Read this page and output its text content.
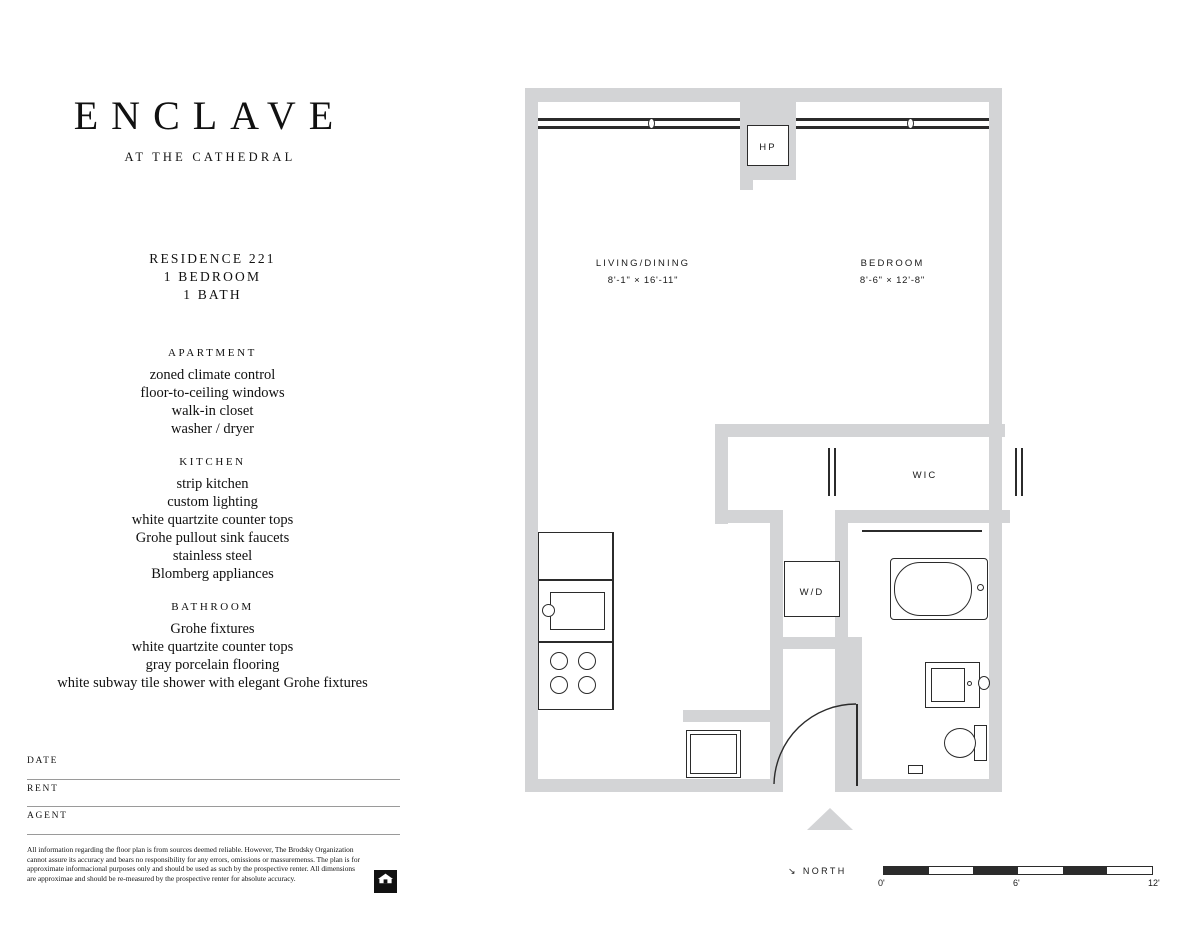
ENCLAVE
AT THE CATHEDRAL
RESIDENCE 221
1 BEDROOM
1 BATH
APARTMENT
zoned climate control
floor-to-ceiling windows
walk-in closet
washer / dryer
KITCHEN
strip kitchen
custom lighting
white quartzite counter tops
Grohe pullout sink faucets
stainless steel
Blomberg appliances
BATHROOM
Grohe fixtures
white quartzite counter tops
gray porcelain flooring
white subway tile shower with elegant Grohe fixtures
DATE
RENT
AGENT
All information regarding the floor plan is from sources deemed reliable. However, The Brodsky Organization cannot assure its accuracy and bears no responsibility for any errors, omissions or massuremenss. The plan is for approximate informacional purposes only and should be used as such by the prospective renter. All dimensions are approximae and should be re-measured by the prospective renter for absolute accuracy.
HP
LIVING/DINING
8'-1" × 16'-11"
BEDROOM
8'-6" × 12'-8"
WIC
W/D
↘ NORTH
0'	6'	12'
